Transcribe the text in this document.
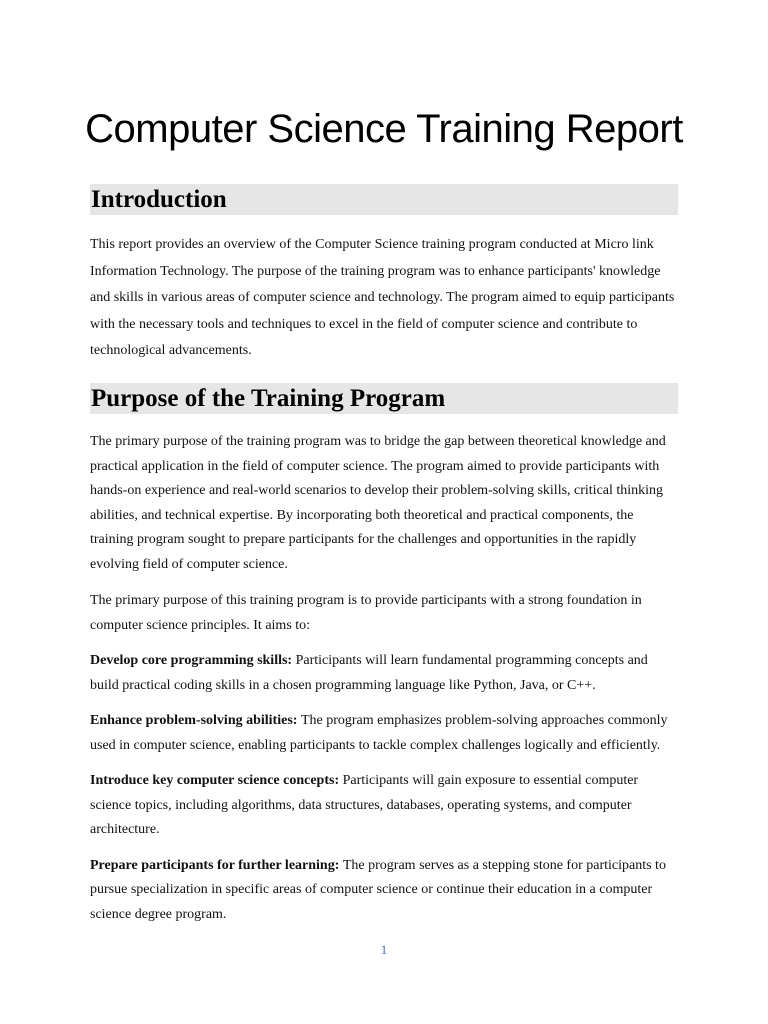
Computer Science Training Report
Introduction

This report provides an overview of the Computer Science training program conducted at Micro link Information Technology. The purpose of the training program was to enhance participants' knowledge and skills in various areas of computer science and technology. The program aimed to equip participants with the necessary tools and techniques to excel in the field of computer science and contribute to technological advancements.

Purpose of the Training Program

The primary purpose of the training program was to bridge the gap between theoretical knowledge and practical application in the field of computer science. The program aimed to provide participants with hands-on experience and real-world scenarios to develop their problem-solving skills, critical thinking abilities, and technical expertise. By incorporating both theoretical and practical components, the training program sought to prepare participants for the challenges and opportunities in the rapidly evolving field of computer science.

The primary purpose of this training program is to provide participants with a strong foundation in computer science principles. It aims to:

Develop core programming skills: Participants will learn fundamental programming concepts and build practical coding skills in a chosen programming language like Python, Java, or C++.

Enhance problem-solving abilities: The program emphasizes problem-solving approaches commonly used in computer science, enabling participants to tackle complex challenges logically and efficiently.

Introduce key computer science concepts: Participants will gain exposure to essential computer science topics, including algorithms, data structures, databases, operating systems, and computer architecture.

Prepare participants for further learning: The program serves as a stepping stone for participants to pursue specialization in specific areas of computer science or continue their education in a computer science degree program.

1
